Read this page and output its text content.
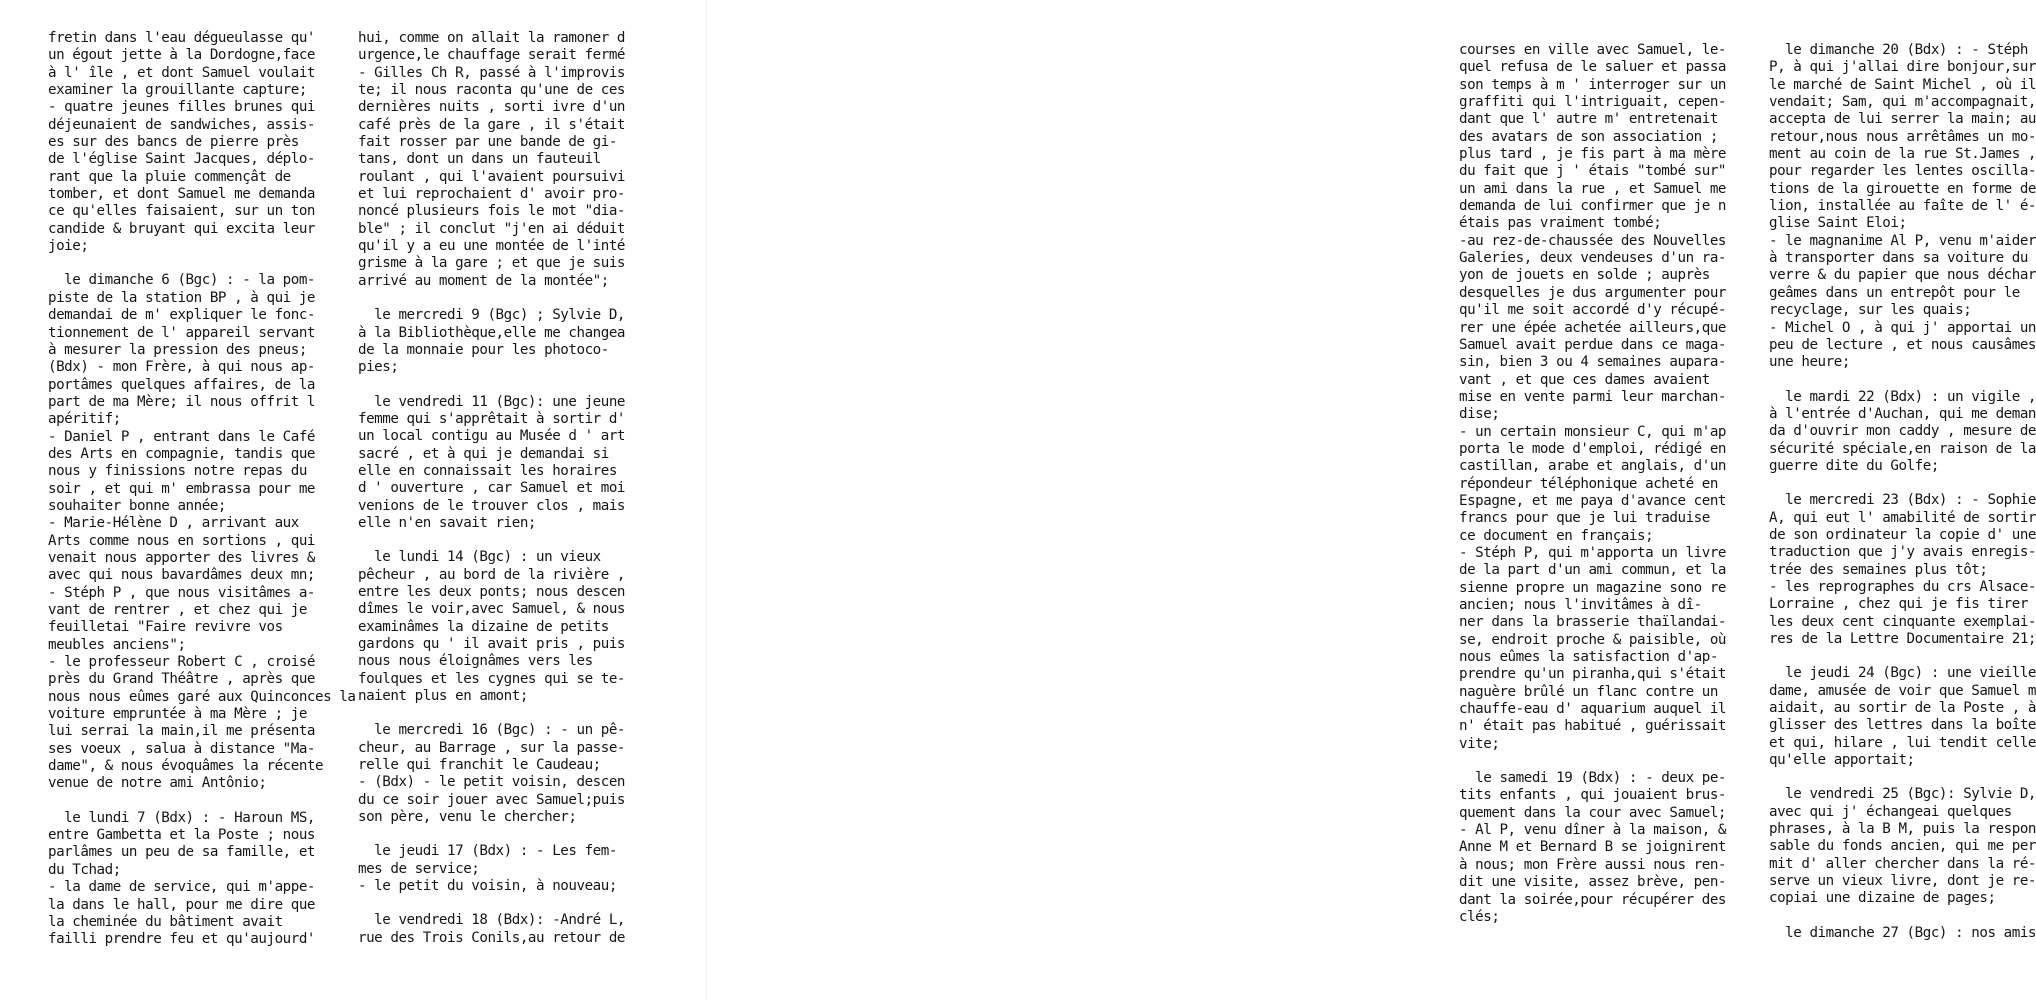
fretin dans l'eau dégueulasse qu'

un égout jette à la Dordogne,face

à l' île , et dont Samuel voulait

examiner la grouillante capture;

- quatre jeunes filles brunes qui

déjeunaient de sandwiches, assis-

es sur des bancs de pierre près

de l'église Saint Jacques, déplo-

rant que la pluie commençât de

tomber, et dont Samuel me demanda

ce qu'elles faisaient, sur un ton

candide & bruyant qui excita leur

joie;

le dimanche 6 (Bgc) : - la pom-

piste de la station BP , à qui je

demandai de m' expliquer le fonc-

tionnement de l' appareil servant

à mesurer la pression des pneus;

(Bdx) - mon Frère, à qui nous ap-

portâmes quelques affaires, de la

part de ma Mère; il nous offrit l

apéritif;

- Daniel P , entrant dans le Café

des Arts en compagnie, tandis que

nous y finissions notre repas du

soir , et qui m' embrassa pour me

souhaiter bonne année;

- Marie-Hélène D , arrivant aux

Arts comme nous en sortions , qui

venait nous apporter des livres &

avec qui nous bavardâmes deux mn;

- Stéph P , que nous visitâmes a-

vant de rentrer , et chez qui je

feuilletai "Faire revivre vos

meubles anciens";

- le professeur Robert C , croisé

près du Grand Théâtre , après que

nous nous eûmes garé aux Quinconces la

voiture empruntée à ma Mère ; je

lui serrai la main,il me présenta

ses voeux , salua à distance "Ma-

dame", & nous évoquâmes la récente

venue de notre ami Antônio;

le lundi 7 (Bdx) : - Haroun MS,

entre Gambetta et la Poste ; nous

parlâmes un peu de sa famille, et

du Tchad;

- la dame de service, qui m'appe-

la dans le hall, pour me dire que

la cheminée du bâtiment avait

failli prendre feu et qu'aujourd'

hui, comme on allait la ramoner d

urgence,le chauffage serait fermé

- Gilles Ch R, passé à l'improvis

te; il nous raconta qu'une de ces

dernières nuits , sorti ivre d'un

café près de la gare , il s'était

fait rosser par une bande de gi-

tans, dont un dans un fauteuil

roulant , qui l'avaient poursuivi

et lui reprochaient d' avoir pro-

noncé plusieurs fois le mot "dia-

ble" ; il conclut "j'en ai déduit

qu'il y a eu une montée de l'inté

grisme à la gare ; et que je suis

arrivé au moment de la montée";

le mercredi 9 (Bgc) ; Sylvie D,

à la Bibliothèque,elle me changea

de la monnaie pour les photoco-

pies;

le vendredi 11 (Bgc): une jeune

femme qui s'apprêtait à sortir d'

un local contigu au Musée d ' art

sacré , et à qui je demandai si

elle en connaissait les horaires

d ' ouverture , car Samuel et moi

venions de le trouver clos , mais

elle n'en savait rien;

le lundi 14 (Bgc) : un vieux

pêcheur , au bord de la rivière ,

entre les deux ponts; nous descen

dîmes le voir,avec Samuel, & nous

examinâmes la dizaine de petits

gardons qu ' il avait pris , puis

nous nous éloignâmes vers les

foulques et les cygnes qui se te-

naient plus en amont;

le mercredi 16 (Bgc) : - un pê-

cheur, au Barrage , sur la passe-

relle qui franchit le Caudeau;

- (Bdx) - le petit voisin, descen

du ce soir jouer avec Samuel;puis

son père, venu le chercher;

le jeudi 17 (Bdx) : - Les fem-

mes de service;

- le petit du voisin, à nouveau;

le vendredi 18 (Bdx): -André L,

rue des Trois Conils,au retour de

courses en ville avec Samuel, le-

quel refusa de le saluer et passa

son temps à m ' interroger sur un

graffiti qui l'intriguait, cepen-

dant que l' autre m' entretenait

des avatars de son association ;

plus tard , je fis part à ma mère

du fait que j ' étais "tombé sur"

un ami dans la rue , et Samuel me

demanda de lui confirmer que je n

étais pas vraiment tombé;

-au rez-de-chaussée des Nouvelles

Galeries, deux vendeuses d'un ra-

yon de jouets en solde ; auprès

desquelles je dus argumenter pour

qu'il me soit accordé d'y récupé-

rer une épée achetée ailleurs,que

Samuel avait perdue dans ce maga-

sin, bien 3 ou 4 semaines aupara-

vant , et que ces dames avaient

mise en vente parmi leur marchan-

dise;

- un certain monsieur C, qui m'ap

porta le mode d'emploi, rédigé en

castillan, arabe et anglais, d'un

répondeur téléphonique acheté en

Espagne, et me paya d'avance cent

francs pour que je lui traduise

ce document en français;

- Stéph P, qui m'apporta un livre

de la part d'un ami commun, et la

sienne propre un magazine sono re

ancien; nous l'invitâmes à dî-

ner dans la brasserie thaïlandai-

se, endroit proche & paisible, où

nous eûmes la satisfaction d'ap-

prendre qu'un piranha,qui s'était

naguère brûlé un flanc contre un

chauffe-eau d' aquarium auquel il

n' était pas habitué , guérissait

vite;

le samedi 19 (Bdx) : - deux pe-

tits enfants , qui jouaient brus-

quement dans la cour avec Samuel;

- Al P, venu dîner à la maison, &

Anne M et Bernard B se joignirent

à nous; mon Frère aussi nous ren-

dit une visite, assez brève, pen-

dant la soirée,pour récupérer des

clés;

le dimanche 20 (Bdx) : - Stéph

P, à qui j'allai dire bonjour,sur

le marché de Saint Michel , où il

vendait; Sam, qui m'accompagnait,

accepta de lui serrer la main; au

retour,nous nous arrêtâmes un mo-

ment au coin de la rue St.James ,

pour regarder les lentes oscilla-

tions de la girouette en forme de

lion, installée au faîte de l' é-

glise Saint Eloi;

- le magnanime Al P, venu m'aider

à transporter dans sa voiture du

verre & du papier que nous déchar

geâmes dans un entrepôt pour le

recyclage, sur les quais;

- Michel O , à qui j' apportai un

peu de lecture , et nous causâmes

une heure;

le mardi 22 (Bdx) : un vigile ,

à l'entrée d'Auchan, qui me deman

da d'ouvrir mon caddy , mesure de

sécurité spéciale,en raison de la

guerre dite du Golfe;

le mercredi 23 (Bdx) : - Sophie

A, qui eut l' amabilité de sortir

de son ordinateur la copie d' une

traduction que j'y avais enregis-

trée des semaines plus tôt;

- les reprographes du crs Alsace-

Lorraine , chez qui je fis tirer

les deux cent cinquante exemplai-

res de la Lettre Documentaire 21;

le jeudi 24 (Bgc) : une vieille

dame, amusée de voir que Samuel m

aidait, au sortir de la Poste , à

glisser des lettres dans la boîte

et qui, hilare , lui tendit celle

qu'elle apportait;

le vendredi 25 (Bgc): Sylvie D,

avec qui j' échangeai quelques

phrases, à la B M, puis la respon

sable du fonds ancien, qui me per

mit d' aller chercher dans la ré-

serve un vieux livre, dont je re-

copiai une dizaine de pages;

le dimanche 27 (Bgc) : nos amis
